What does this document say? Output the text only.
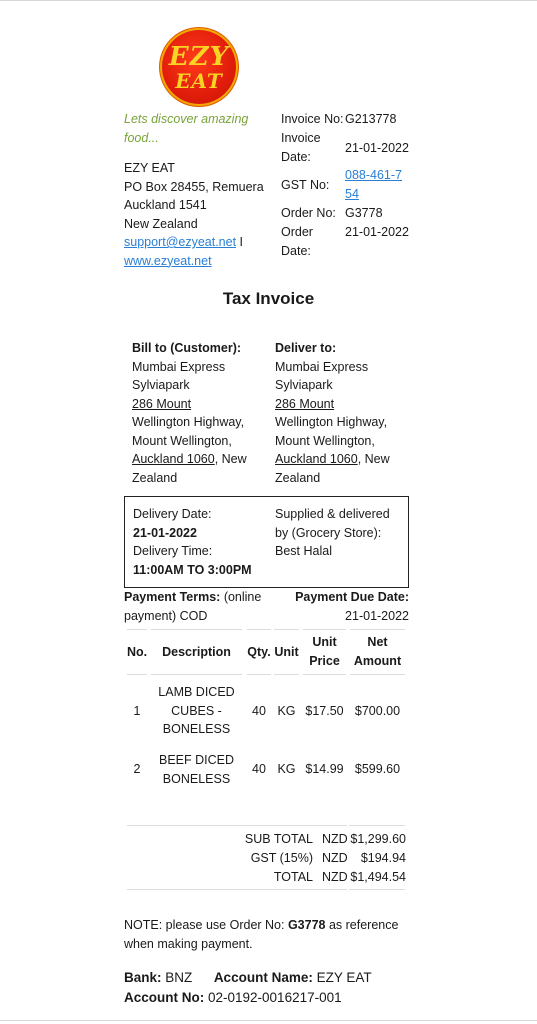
EZY
EAT
Lets discover amazing food...
EZY EAT
PO Box 28455, Remuera
Auckland 1541
New Zealand
support@ezyeat.net I
www.ezyeat.net
Invoice No: G213778
Invoice
Date:
21-01-2022
GST No:
088-461-7
54
Order No: G3778
Order Date:
21-01-2022
Tax Invoice
Bill to (Customer):
Mumbai Express
Sylviapark
286 Mount
Wellington Highway,
Mount Wellington,
Auckland 1060, New
Zealand
Deliver to:
Mumbai Express
Sylviapark
286 Mount
Wellington Highway,
Mount Wellington,
Auckland 1060, New
Zealand
Delivery Date:
21-01-2022
Delivery Time:
11:00AM TO 3:00PM
Supplied & delivered
by (Grocery Store):
Best Halal
Payment Terms: (online
payment) COD
Payment Due Date:
21-01-2022
No.	Description	Qty. Unit
Unit
Price
Net
Amount
1
LAMB DICED
CUBES -
BONELESS
40 KG $17.50 $700.00
2
BEEF DICED
BONELESS
40 KG $14.99 $599.60
SUB TOTAL NZD $1,299.60
GST (15%) NZD $194.94
TOTAL NZD $1,494.54
NOTE: please use Order No: G3778 as reference
when making payment.
Bank: BNZ Account Name: EZY EAT
Account No: 02-0192-0016217-001
